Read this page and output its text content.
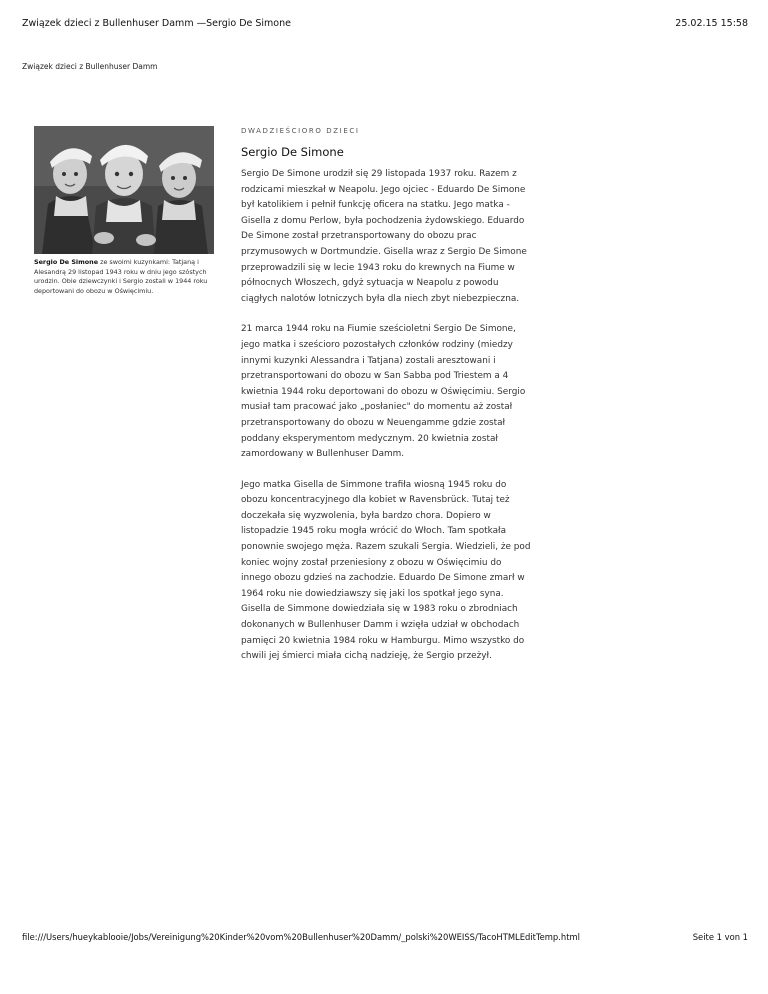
Związek dzieci z Bullenhuser Damm —Sergio De Simone	25.02.15 15:58
Związek dzieci z Bullenhuser Damm
Sergio De Simone ze swoimi kuzynkami: Tatjaną i Alesandrą 29 listopad 1943 roku w dniu jego szóstych urodzin. Obie dziewczynki i Sergio zostali w 1944 roku deportowani do obozu w Oświęcimiu.
DWADZIEŚCIORO DZIECI
Sergio De Simone

Sergio De Simone urodził się 29 listopada 1937 roku. Razem z rodzicami mieszkał w Neapolu. Jego ojciec - Eduardo De Simone był katolikiem i pełnił funkcję oficera na statku. Jego matka - Gisella z domu Perlow, była pochodzenia żydowskiego. Eduardo De Simone został przetransportowany do obozu prac przymusowych w Dortmundzie. Gisella wraz z Sergio De Simone przeprowadzili się w lecie 1943 roku do krewnych na Fiume w północnych Włoszech, gdyż sytuacja w Neapolu z powodu ciągłych nalotów lotniczych była dla niech zbyt niebezpieczna.

21 marca 1944 roku na Fiumie sześcioletni Sergio De Simone, jego matka i sześcioro pozostałych członków rodziny (miedzy innymi kuzynki Alessandra i Tatjana) zostali aresztowani i przetransportowani do obozu w San Sabba pod Triestem a 4 kwietnia 1944 roku deportowani do obozu w Oświęcimiu. Sergio musiał tam pracować jako „posłaniec" do momentu aż został przetransportowany do obozu w Neuengamme gdzie został poddany eksperymentom medycznym. 20 kwietnia został zamordowany w Bullenhuser Damm.

Jego matka Gisella de Simmone trafiła wiosną 1945 roku do obozu koncentracyjnego dla kobiet w Ravensbrück. Tutaj też doczekała się wyzwolenia, była bardzo chora. Dopiero w listopadzie 1945 roku mogła wrócić do Włoch. Tam spotkała ponownie swojego męża. Razem szukali Sergia. Wiedzieli, że pod koniec wojny został przeniesiony z obozu w Oświęcimiu do innego obozu gdzieś na zachodzie. Eduardo De Simone zmarł w 1964 roku nie dowiedziawszy się jaki los spotkał jego syna. Gisella de Simmone dowiedziała się w 1983 roku o zbrodniach dokonanych w Bullenhuser Damm i wzięła udział w obchodach pamięci 20 kwietnia 1984 roku w Hamburgu. Mimo wszystko do chwili jej śmierci miała cichą nadzieję, że Sergio przeżył.

file:///Users/hueykablooie/Jobs/Vereinigung%20Kinder%20vom%20Bullenhuser%20Damm/_polski%20WEISS/TacoHTMLEditTemp.html	Seite 1 von 1
